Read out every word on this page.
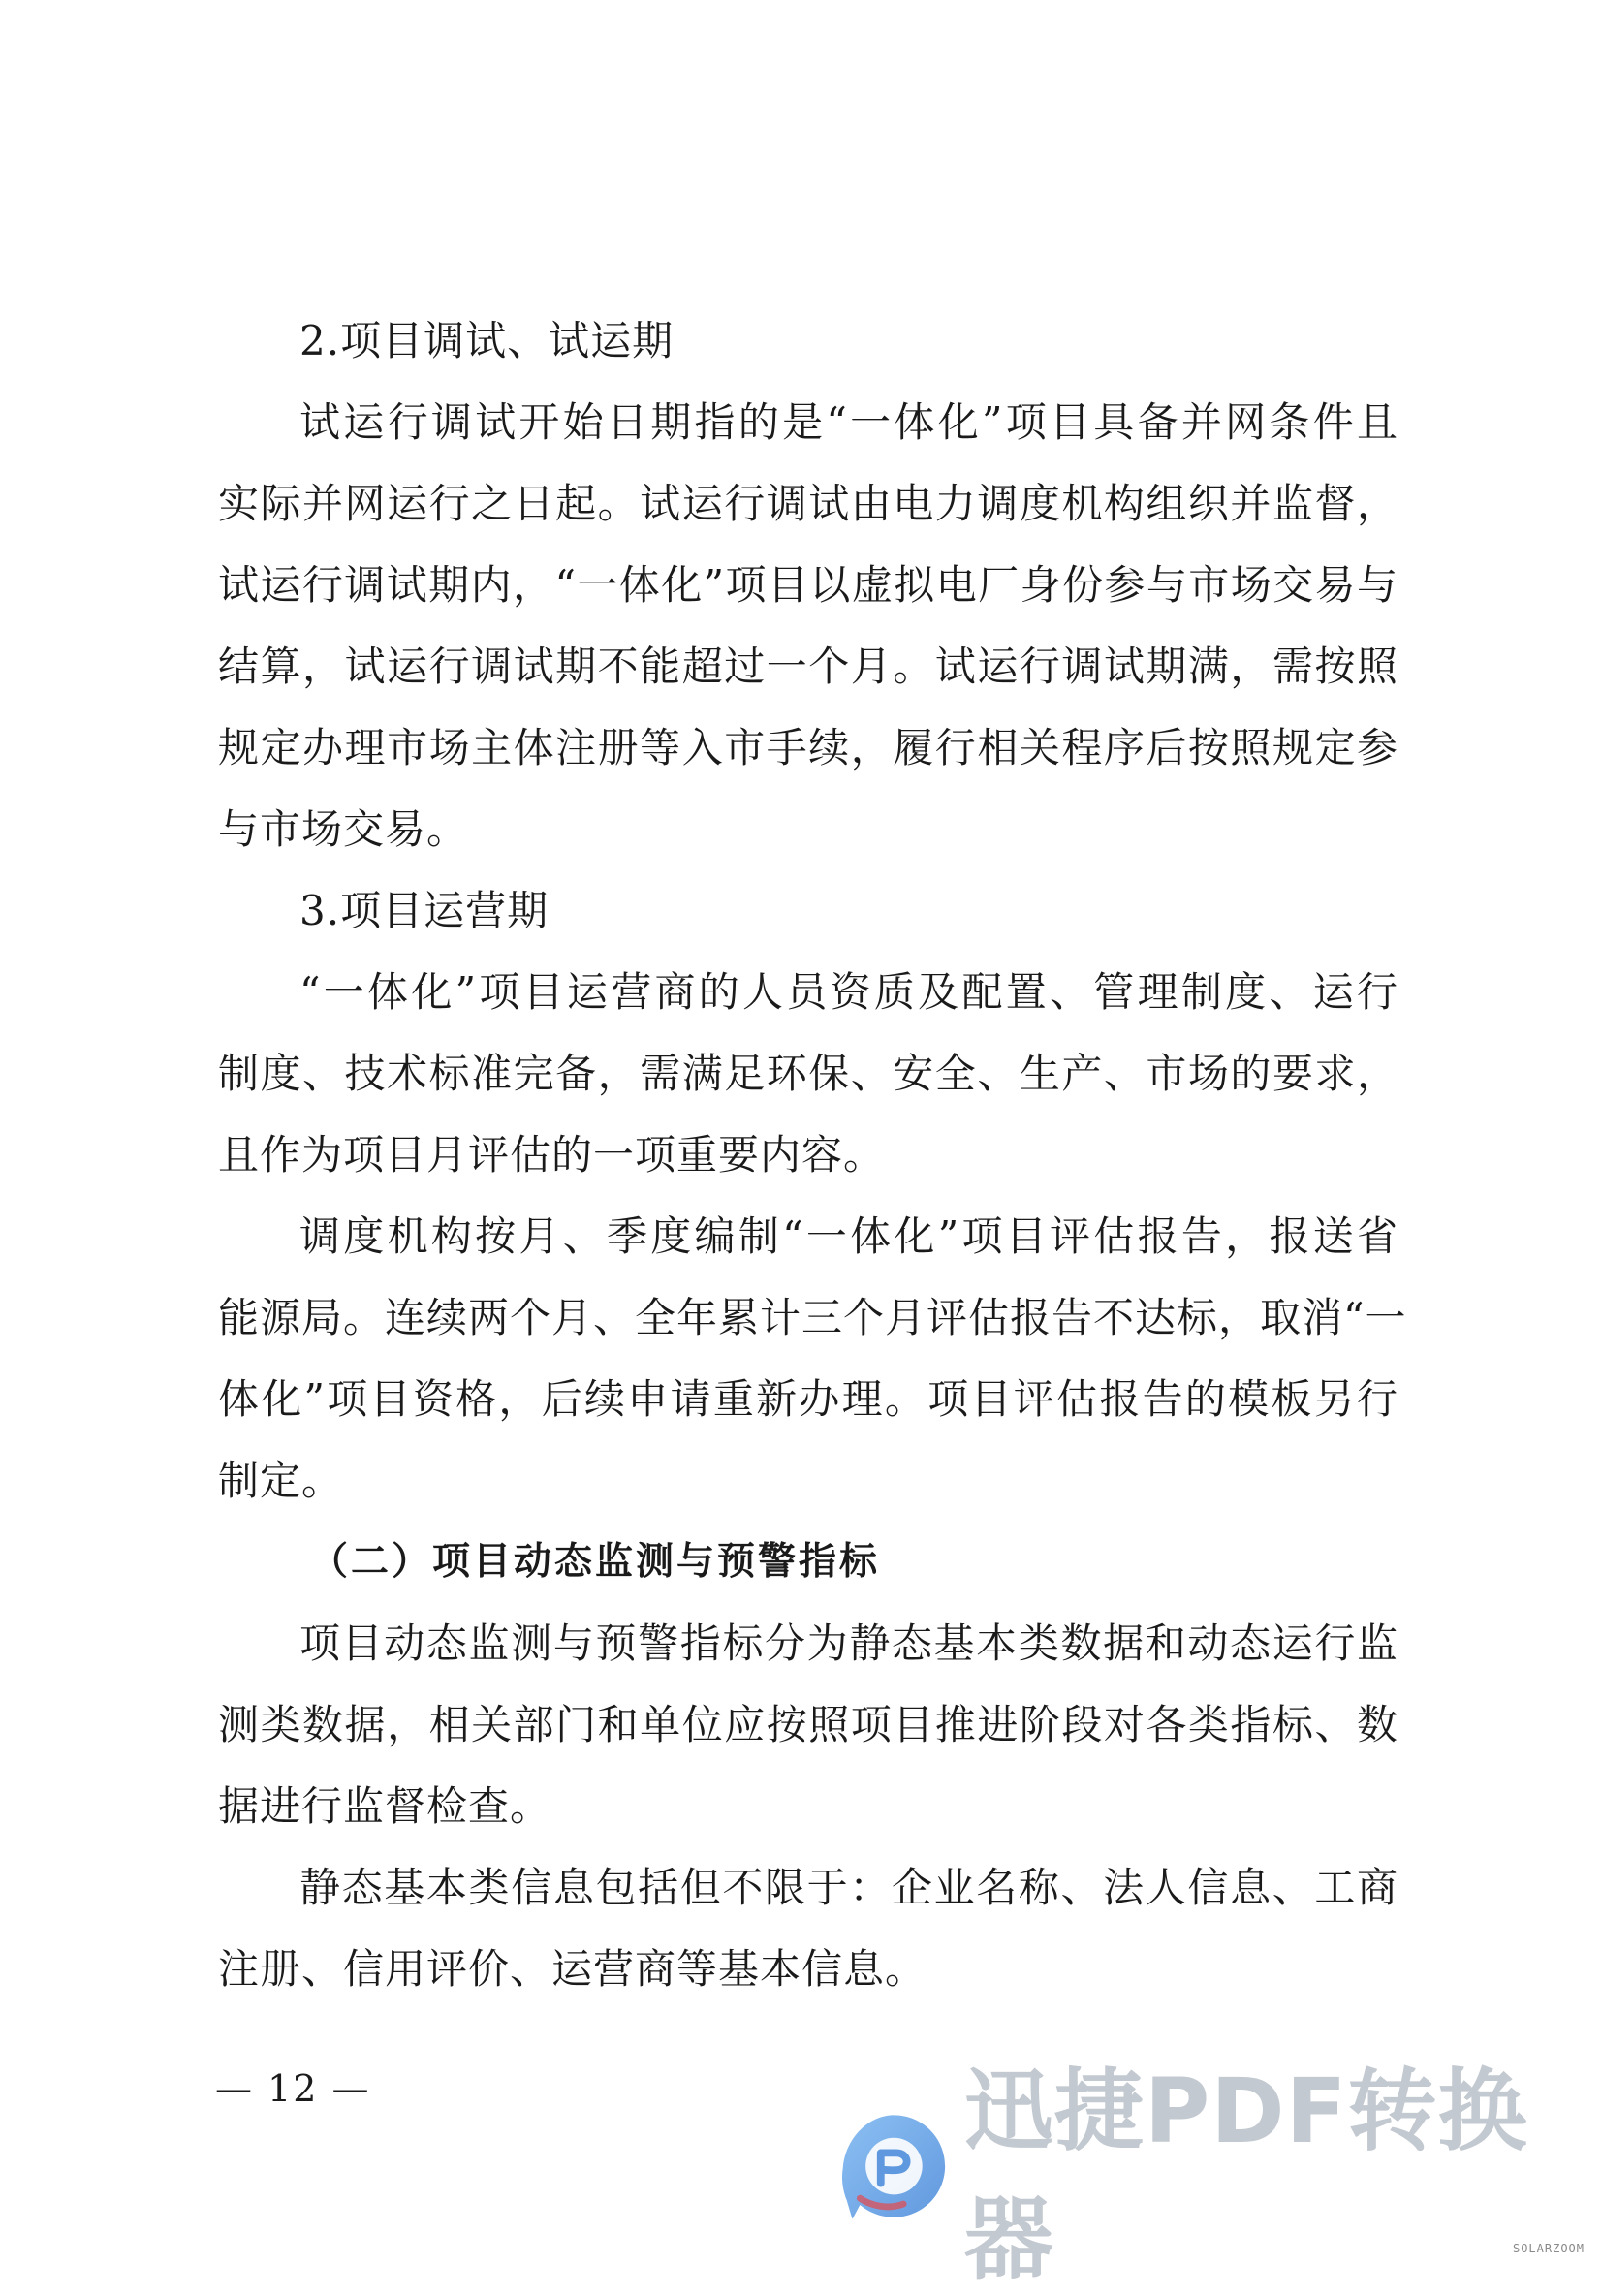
2.项目调试、试运期
试运行调试开始日期指的是“一体化”项目具备并网条件且
实际并网运行之日起。试运行调试由电力调度机构组织并监督，
试运行调试期内，“一体化”项目以虚拟电厂身份参与市场交易与
结算，试运行调试期不能超过一个月。试运行调试期满，需按照
规定办理市场主体注册等入市手续，履行相关程序后按照规定参
与市场交易。
3.项目运营期
“一体化”项目运营商的人员资质及配置、管理制度、运行
制度、技术标准完备，需满足环保、安全、生产、市场的要求，
且作为项目月评估的一项重要内容。
调度机构按月、季度编制“一体化”项目评估报告，报送省
能源局。连续两个月、全年累计三个月评估报告不达标，取消“一
体化”项目资格，后续申请重新办理。项目评估报告的模板另行
制定。
（二）项目动态监测与预警指标
项目动态监测与预警指标分为静态基本类数据和动态运行监
测类数据，相关部门和单位应按照项目推进阶段对各类指标、数
据进行监督检查。
静态基本类信息包括但不限于：企业名称、法人信息、工商
注册、信用评价、运营商等基本信息。
— 12 —	迅捷PDF转换器	SOLARZOOM
